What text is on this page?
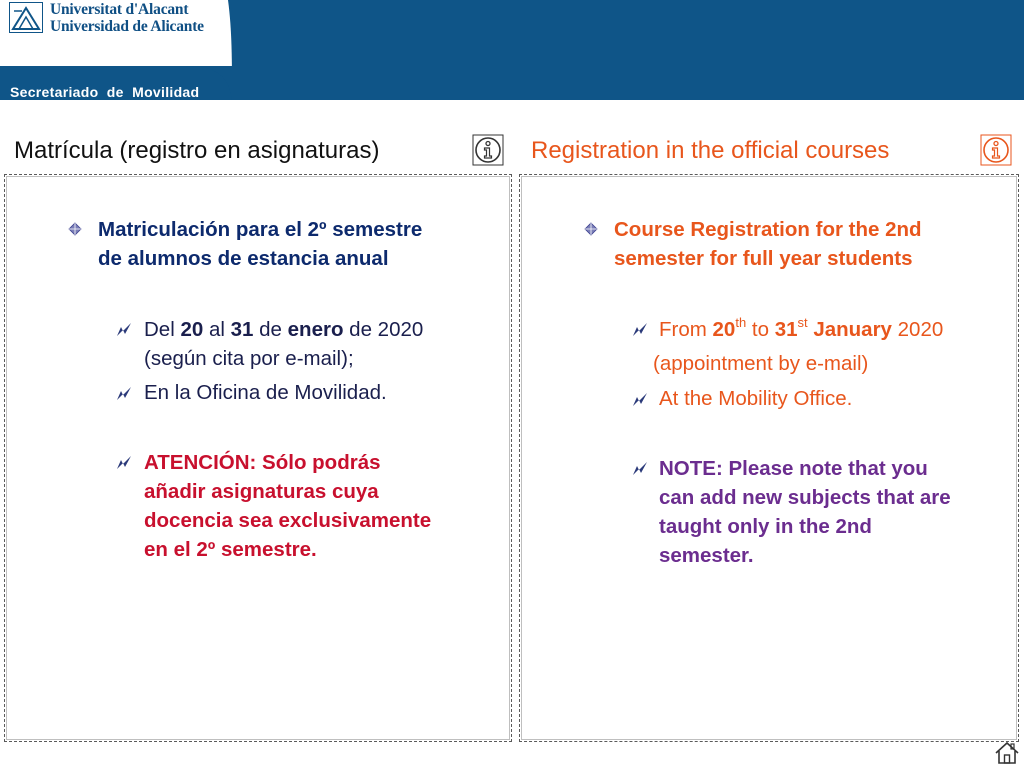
Universitat d'Alacant
Universidad de Alicante
Secretariado  de  Movilidad
Matrícula (registro en asignaturas)	Registration in the official courses
Matriculación para el 2º semestre
de alumnos de estancia anual
Del 20 al 31 de enero de 2020
(según cita por e-mail);
En la Oficina de Movilidad.
ATENCIÓN: Sólo podrás
añadir asignaturas cuya
docencia sea exclusivamente
en el 2º semestre.
Course Registration for the 2nd
semester for full year students
From 20th to 31st January 2020
(appointment by e-mail)
At the Mobility Office.
NOTE: Please note that you
can add new subjects that are
taught only in the 2nd
semester.
